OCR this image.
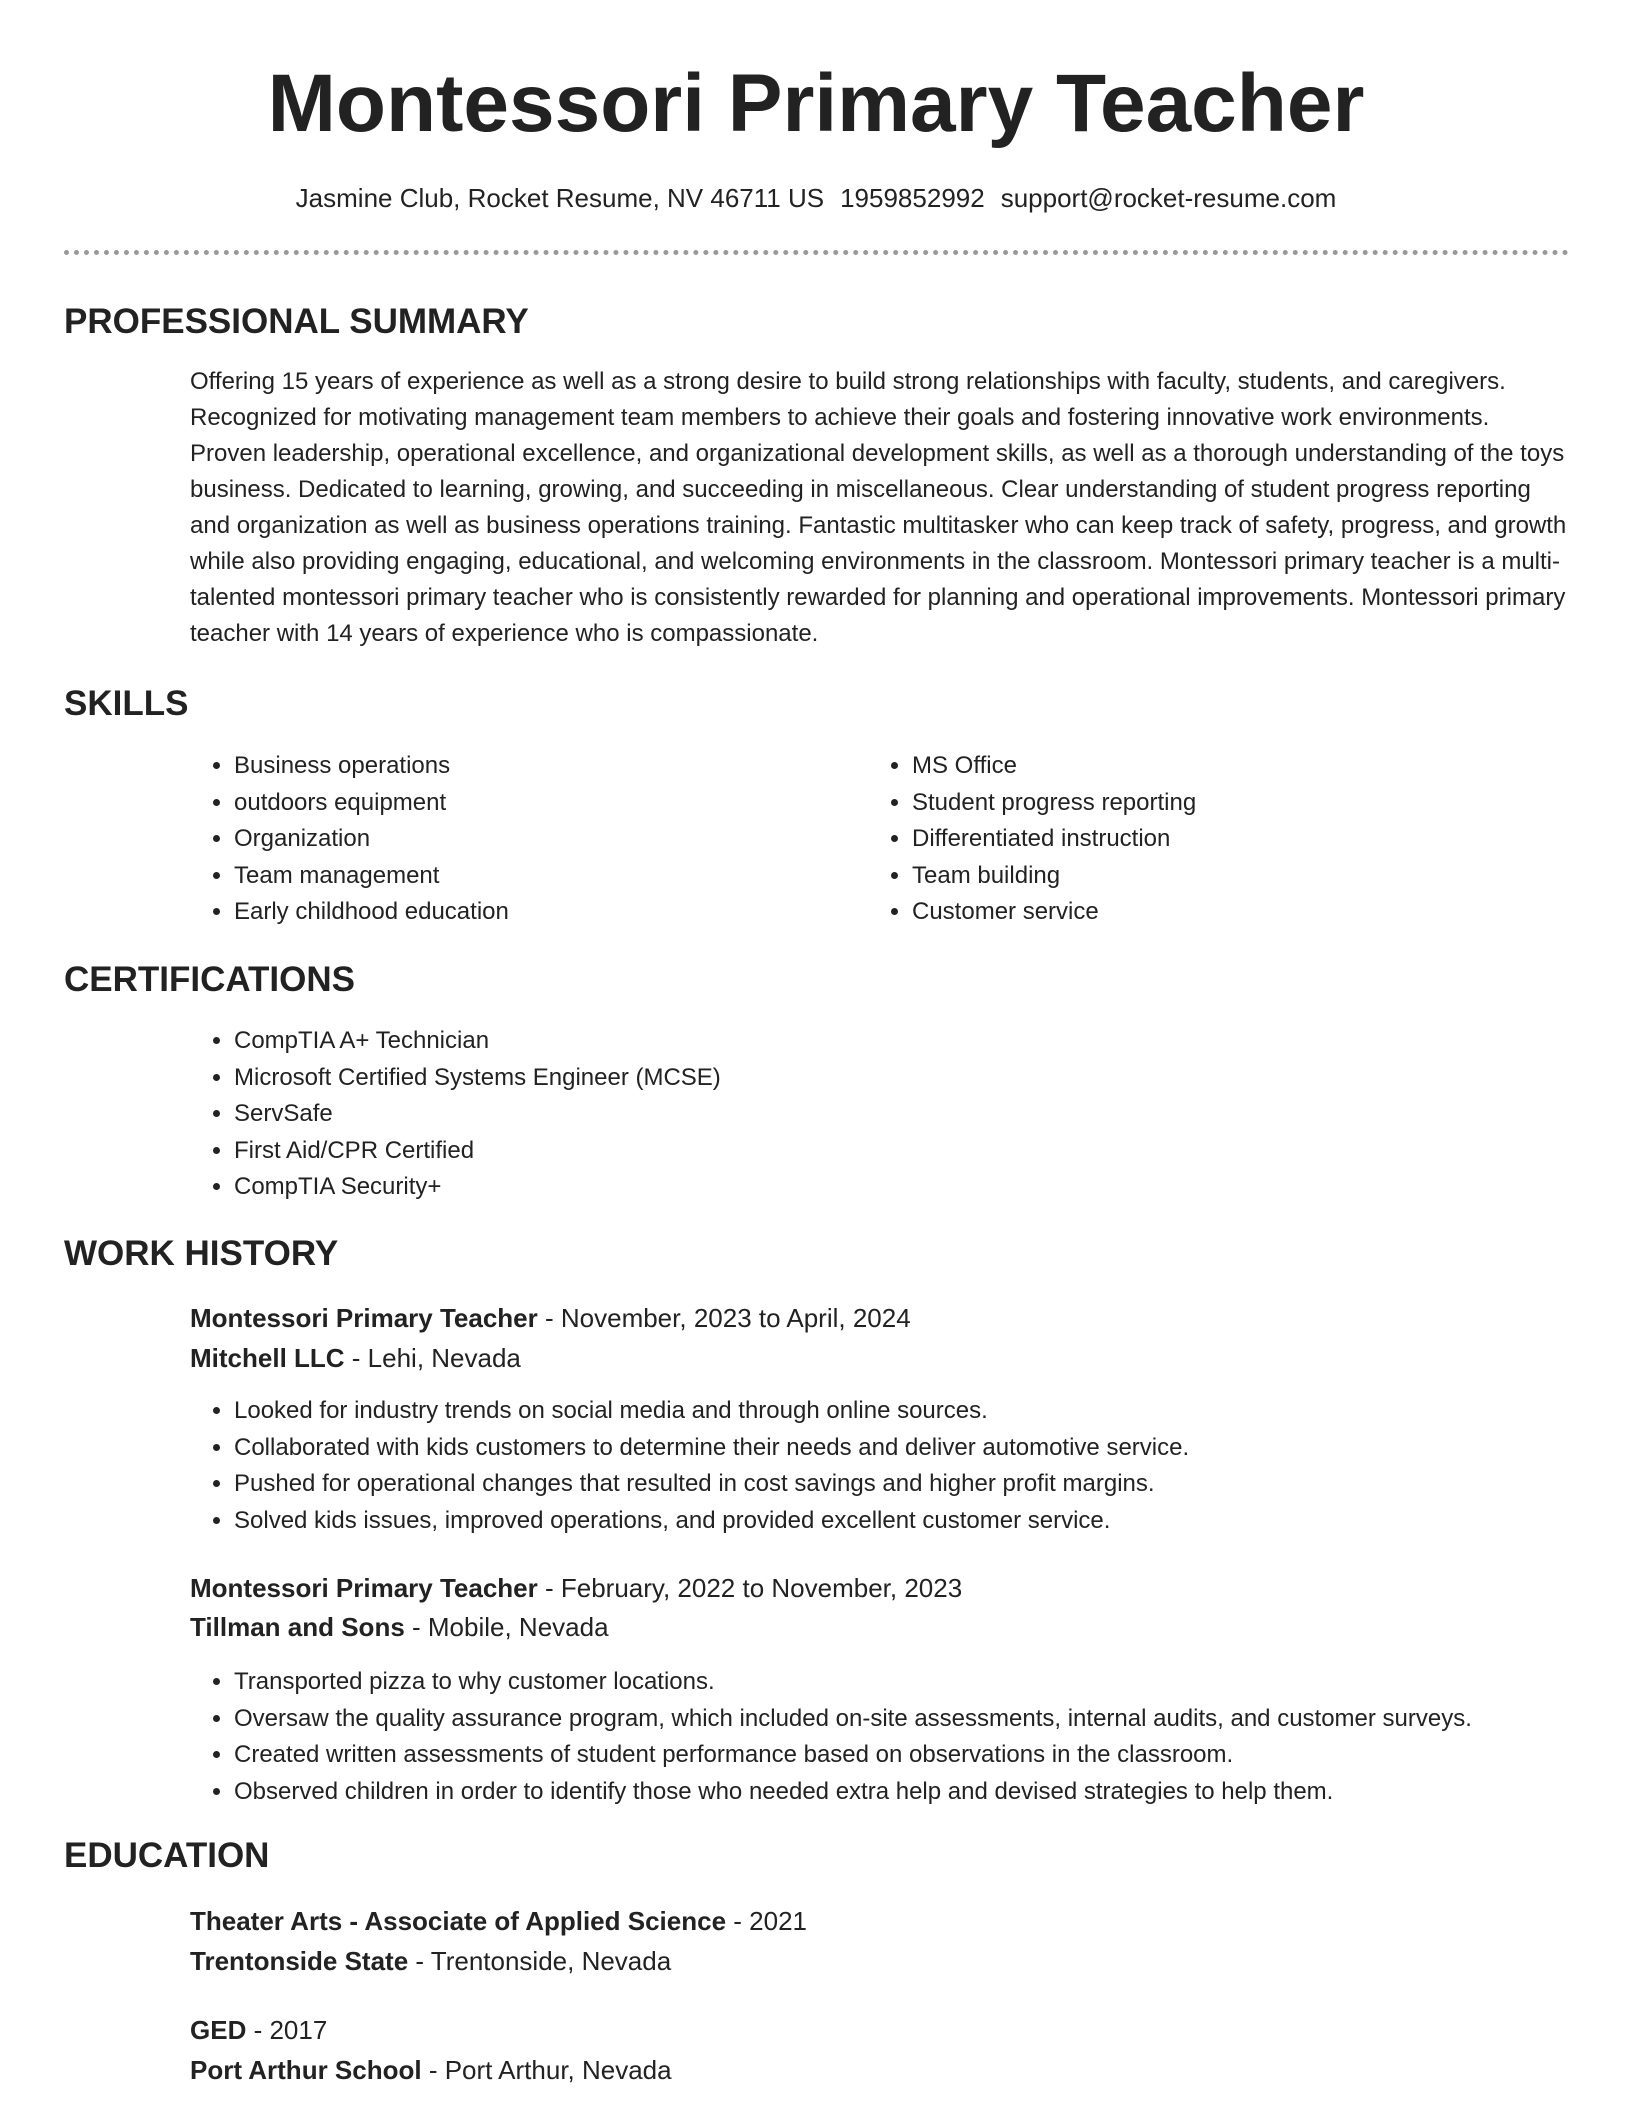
Montessori Primary Teacher
Jasmine Club, Rocket Resume, NV 46711 US 1959852992 support@rocket-resume.com
PROFESSIONAL SUMMARY

Offering 15 years of experience as well as a strong desire to build strong relationships with faculty, students, and caregivers. Recognized for motivating management team members to achieve their goals and fostering innovative work environments. Proven leadership, operational excellence, and organizational development skills, as well as a thorough understanding of the toys business. Dedicated to learning, growing, and succeeding in miscellaneous. Clear understanding of student progress reporting and organization as well as business operations training. Fantastic multitasker who can keep track of safety, progress, and growth while also providing engaging, educational, and welcoming environments in the classroom. Montessori primary teacher is a multi-talented montessori primary teacher who is consistently rewarded for planning and operational improvements. Montessori primary teacher with 14 years of experience who is compassionate.

SKILLS
• Business operations
• outdoors equipment
• Organization
• Team management
• Early childhood education
• MS Office
• Student progress reporting
• Differentiated instruction
• Team building
• Customer service
CERTIFICATIONS
• CompTIA A+ Technician
• Microsoft Certified Systems Engineer (MCSE)
• ServSafe
• First Aid/CPR Certified
• CompTIA Security+
WORK HISTORY
Montessori Primary Teacher - November, 2023 to April, 2024
Mitchell LLC - Lehi, Nevada
• Looked for industry trends on social media and through online sources.
• Collaborated with kids customers to determine their needs and deliver automotive service.
• Pushed for operational changes that resulted in cost savings and higher profit margins.
• Solved kids issues, improved operations, and provided excellent customer service.
Montessori Primary Teacher - February, 2022 to November, 2023
Tillman and Sons - Mobile, Nevada
• Transported pizza to why customer locations.
• Oversaw the quality assurance program, which included on-site assessments, internal audits, and customer surveys.
• Created written assessments of student performance based on observations in the classroom.
• Observed children in order to identify those who needed extra help and devised strategies to help them.
EDUCATION
Theater Arts - Associate of Applied Science - 2021
Trentonside State - Trentonside, Nevada
GED - 2017
Port Arthur School - Port Arthur, Nevada
